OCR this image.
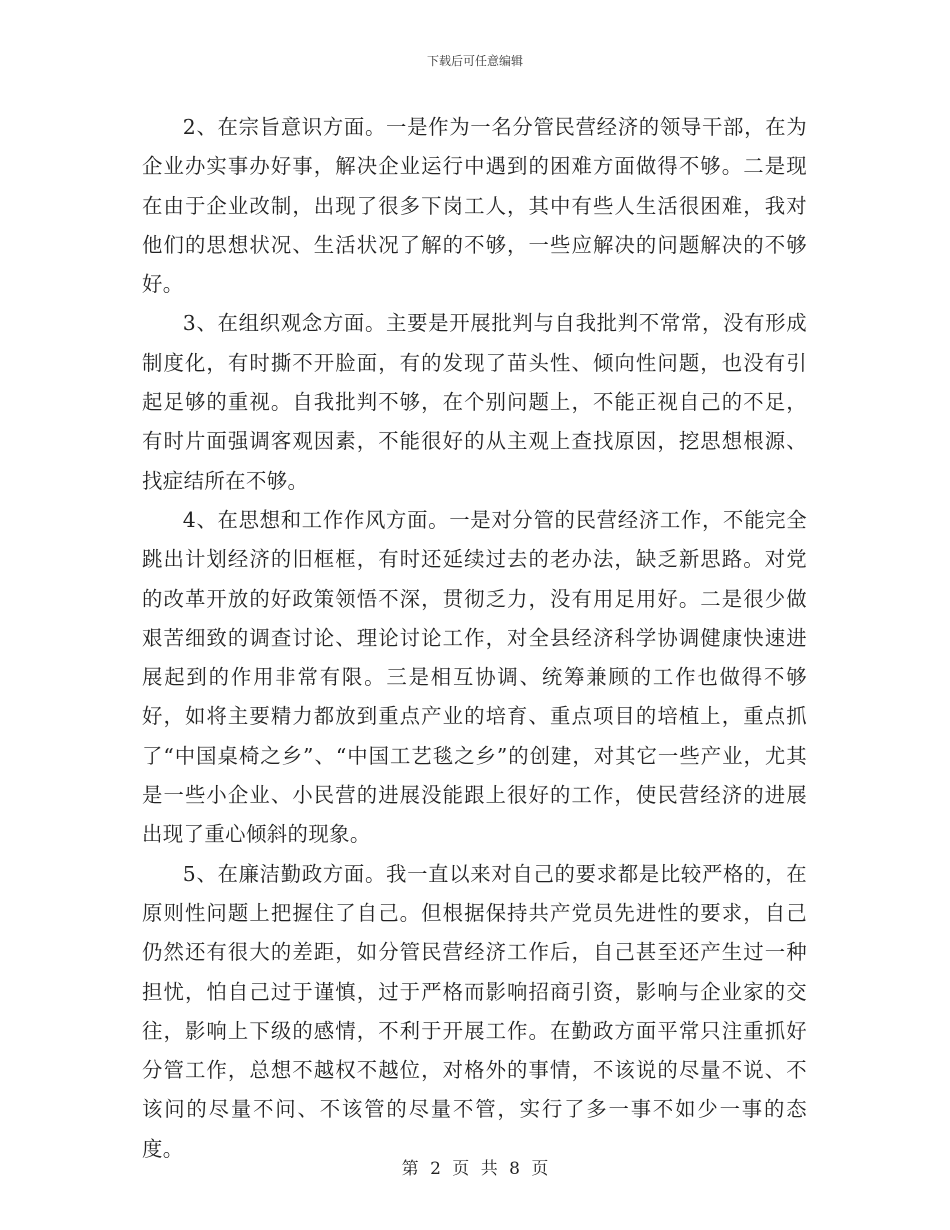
下载后可任意编辑

2、在宗旨意识方面。一是作为一名分管民营经济的领导干部，在为企业办实事办好事，解决企业运行中遇到的困难方面做得不够。二是现在由于企业改制，出现了很多下岗工人，其中有些人生活很困难，我对他们的思想状况、生活状况了解的不够，一些应解决的问题解决的不够好。

3、在组织观念方面。主要是开展批判与自我批判不常常，没有形成制度化，有时撕不开脸面，有的发现了苗头性、倾向性问题，也没有引起足够的重视。自我批判不够，在个别问题上，不能正视自己的不足，有时片面强调客观因素，不能很好的从主观上查找原因，挖思想根源、找症结所在不够。

4、在思想和工作作风方面。一是对分管的民营经济工作，不能完全跳出计划经济的旧框框，有时还延续过去的老办法，缺乏新思路。对党的改革开放的好政策领悟不深，贯彻乏力，没有用足用好。二是很少做艰苦细致的调查讨论、理论讨论工作，对全县经济科学协调健康快速进展起到的作用非常有限。三是相互协调、统筹兼顾的工作也做得不够好，如将主要精力都放到重点产业的培育、重点项目的培植上，重点抓了“中国桌椅之乡”、“中国工艺毯之乡”的创建，对其它一些产业，尤其是一些小企业、小民营的进展没能跟上很好的工作，使民营经济的进展出现了重心倾斜的现象。

5、在廉洁勤政方面。我一直以来对自己的要求都是比较严格的，在原则性问题上把握住了自己。但根据保持共产党员先进性的要求，自己仍然还有很大的差距，如分管民营经济工作后，自己甚至还产生过一种担忧，怕自己过于谨慎，过于严格而影响招商引资，影响与企业家的交往，影响上下级的感情，不利于开展工作。在勤政方面平常只注重抓好分管工作，总想不越权不越位，对格外的事情，不该说的尽量不说、不该问的尽量不问、不该管的尽量不管，实行了多一事不如少一事的态度。

第 2 页 共 8 页
